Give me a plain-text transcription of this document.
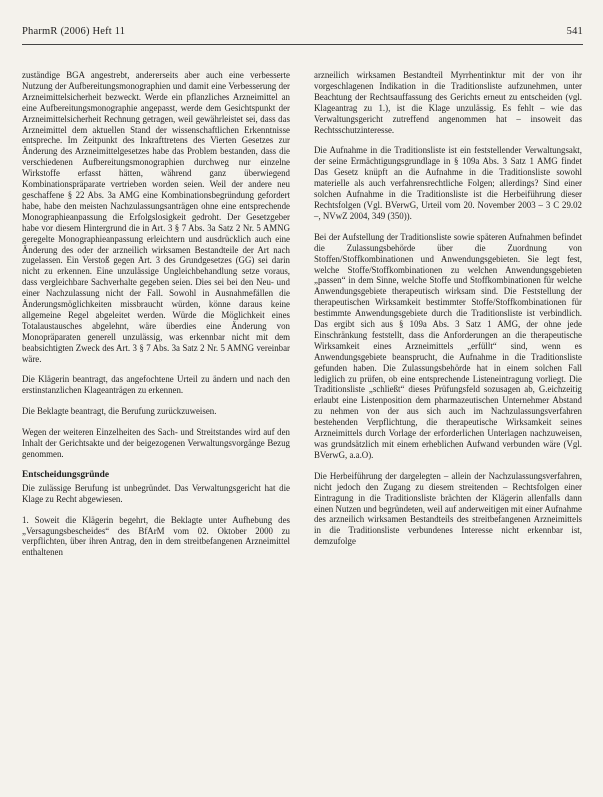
PharmR (2006) Heft 11	541

zuständige BGA angestrebt, andererseits aber auch eine verbesserte Nutzung der Aufbereitungsmonographien und damit eine Verbesserung der Arzneimittelsicherheit bezweckt. Werde ein pflanzliches Arzneimittel an eine Aufbereitungsmonographie angepasst, werde dem Gesichtspunkt der Arzneimittelsicherheit Rechnung getragen, weil gewährleistet sei, dass das Arzneimittel dem aktuellen Stand der wissenschaftlichen Erkenntnisse entspreche. Im Zeitpunkt des Inkrafttretens des Vierten Gesetzes zur Änderung des Arzneimittelgesetzes habe das Problem bestanden, dass die verschiedenen Aufbereitungsmonographien durchweg nur einzelne Wirkstoffe erfasst hätten, während ganz überwiegend Kombinationspräparate vertrieben worden seien. Weil der andere neu geschaffene § 22 Abs. 3a AMG eine Kombinationsbegründung gefordert habe, habe den meisten Nachzulassungsanträgen ohne eine entsprechende Monographieanpassung die Erfolgslosigkeit gedroht. Der Gesetzgeber habe vor diesem Hintergrund die in Art. 3 § 7 Abs. 3a Satz 2 Nr. 5 AMNG geregelte Monographieanpassung erleichtern und ausdrücklich auch eine Änderung des oder der arzneilich wirksamen Bestandteile der Art nach zugelassen. Ein Verstoß gegen Art. 3 des Grundgesetzes (GG) sei darin nicht zu erkennen. Eine unzulässige Ungleichbehandlung setze voraus, dass vergleichbare Sachverhalte gegeben seien. Dies sei bei den Neu- und einer Nachzulassung nicht der Fall. Sowohl in Ausnahmefällen die Änderungsmöglichkeiten missbraucht würden, könne daraus keine allgemeine Regel abgeleitet werden. Würde die Möglichkeit eines Totalaustausches abgelehnt, wäre überdies eine Änderung von Monopräparaten generell unzulässig, was erkennbar nicht mit dem beabsichtigten Zweck des Art. 3 § 7 Abs. 3a Satz 2 Nr. 5 AMNG vereinbar wäre.

Die Klägerin beantragt, das angefochtene Urteil zu ändern und nach den erstinstanzlichen Klageanträgen zu erkennen.

Die Beklagte beantragt, die Berufung zurückzuweisen.

Wegen der weiteren Einzelheiten des Sach- und Streitstandes wird auf den Inhalt der Gerichtsakte und der beigezogenen Verwaltungsvorgänge Bezug genommen.

Entscheidungsgründe

Die zulässige Berufung ist unbegründet. Das Verwaltungsgericht hat die Klage zu Recht abgewiesen.

1. Soweit die Klägerin begehrt, die Beklagte unter Aufhebung des „Versagungsbescheides“ des BfArM vom 02. Oktober 2000 zu verpflichten, über ihren Antrag, den in dem streitbefangenen Arzneimittel enthaltenen

arzneilich wirksamen Bestandteil Myrrhentinktur mit der von ihr vorgeschlagenen Indikation in die Traditionsliste aufzunehmen, unter Beachtung der Rechtsauffassung des Gerichts erneut zu entscheiden (vgl. Klageantrag zu 1.), ist die Klage unzulässig. Es fehlt – wie das Verwaltungsgericht zutreffend angenommen hat – insoweit das Rechtsschutzinteresse.

Die Aufnahme in die Traditionsliste ist ein feststellender Verwaltungsakt, der seine Ermächtigungsgrundlage in § 109a Abs. 3 Satz 1 AMG findet Das Gesetz knüpft an die Aufnahme in die Traditionsliste sowohl materielle als auch verfahrensrechtliche Folgen; allerdings? Sind einer solchen Aufnahme in die Traditionsliste ist die Herbeiführung dieser Rechtsfolgen (Vgl. BVerwG, Urteil vom 20. November 2003 – 3 C 29.02 –, NVwZ 2004, 349 (350)).

Bei der Aufstellung der Traditionsliste sowie späteren Aufnahmen befindet die Zulassungsbehörde über die Zuordnung von Stoffen/Stoffkombinationen und Anwendungsgebieten. Sie legt fest, welche Stoffe/Stoffkombinationen zu welchen Anwendungsgebieten „passen“ in dem Sinne, welche Stoffe und Stoffkombinationen für welche Anwendungsgebiete therapeutisch wirksam sind. Die Feststellung der therapeutischen Wirksamkeit bestimmter Stoffe/Stoffkombinationen für bestimmte Anwendungsgebiete durch die Traditionsliste ist verbindlich. Das ergibt sich aus § 109a Abs. 3 Satz 1 AMG, der ohne jede Einschränkung feststellt, dass die Anforderungen an die therapeutische Wirksamkeit eines Arzneimittels „erfüllt“ sind, wenn es Anwendungsgebiete beansprucht, die Aufnahme in die Traditionsliste gefunden haben. Die Zulassungsbehörde hat in einem solchen Fall lediglich zu prüfen, ob eine entsprechende Listeneintragung vorliegt. Die Traditionsliste „schließt“ dieses Prüfungsfeld sozusagen ab, G.eichzeitig erlaubt eine Listenposition dem pharmazeutischen Unternehmer Abstand zu nehmen von der aus sich auch im Nachzulassungsverfahren bestehenden Verpflichtung, die therapeutische Wirksamkeit seines Arzneimittels durch Vorlage der erforderlichen Unterlagen nachzuweisen, was grundsätzlich mit einem erheblichen Aufwand verbunden wäre (Vgl. BVerwG, a.a.O).

Die Herbeiführung der dargelegten – allein der Nachzulassungsverfahren, nicht jedoch den Zugang zu diesem streitenden – Rechtsfolgen einer Eintragung in die Traditionsliste brächten der Klägerin allenfalls dann einen Nutzen und begründeten, weil auf anderweitigen mit einer Aufnahme des arzneilich wirksamen Bestandteils des streitbefangenen Arzneimittels in die Traditionsliste verbundenes Interesse nicht erkennbar ist, demzufolge
